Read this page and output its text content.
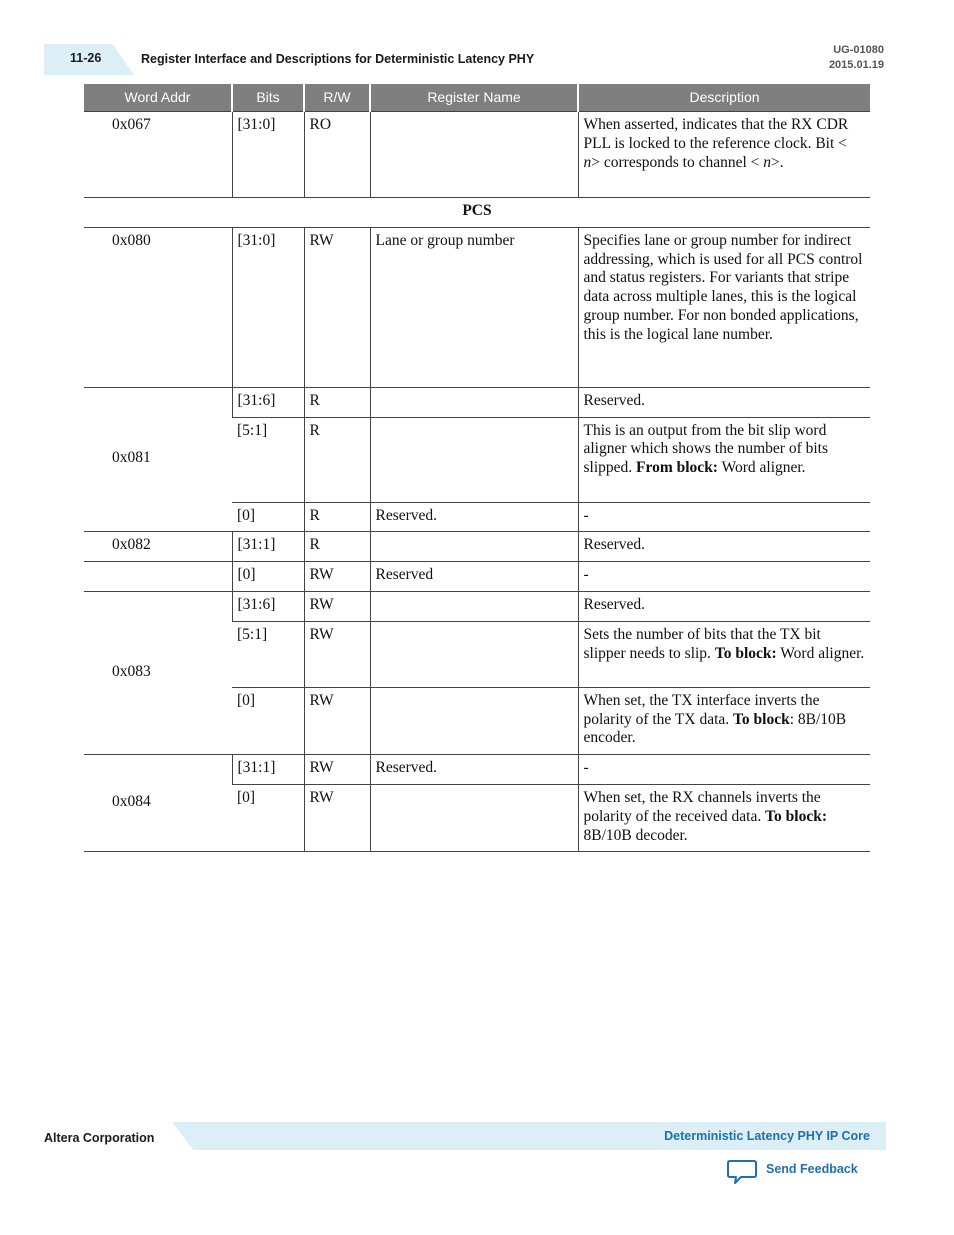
11-26	Register Interface and Descriptions for Deterministic Latency PHY
UG-01080
2015.01.19
Word Addr	Bits	R/W	Register Name	Description
0x067	[31:0]	RO		When asserted, indicates that the RX CDR PLL is locked to the reference clock. Bit < n> corresponds to channel < n>.
PCS				
0x080	[31:0]	RW	Lane or group number	Specifies lane or group number for indirect addressing, which is used for all PCS control and status registers. For variants that stripe data across multiple lanes, this is the logical group number. For non bonded applications, this is the logical lane number.
0x081	[31:6]	R		Reserved.
	[5:1]	R		This is an output from the bit slip word aligner which shows the number of bits slipped. From block: Word aligner.
	[0]	R	Reserved.	-
0x082	[31:1]	R		Reserved.
	[0]	RW	Reserved	-
0x083	[31:6]	RW		Reserved.
	[5:1]	RW		Sets the number of bits that the TX bit slipper needs to slip. To block: Word aligner.
	[0]	RW		When set, the TX interface inverts the polarity of the TX data. To block: 8B/10B encoder.
0x084	[31:1]	RW	Reserved.	-
	[0]	RW		When set, the RX channels inverts the polarity of the received data. To block: 8B/10B decoder.
Altera Corporation	Deterministic Latency PHY IP Core
Send Feedback
